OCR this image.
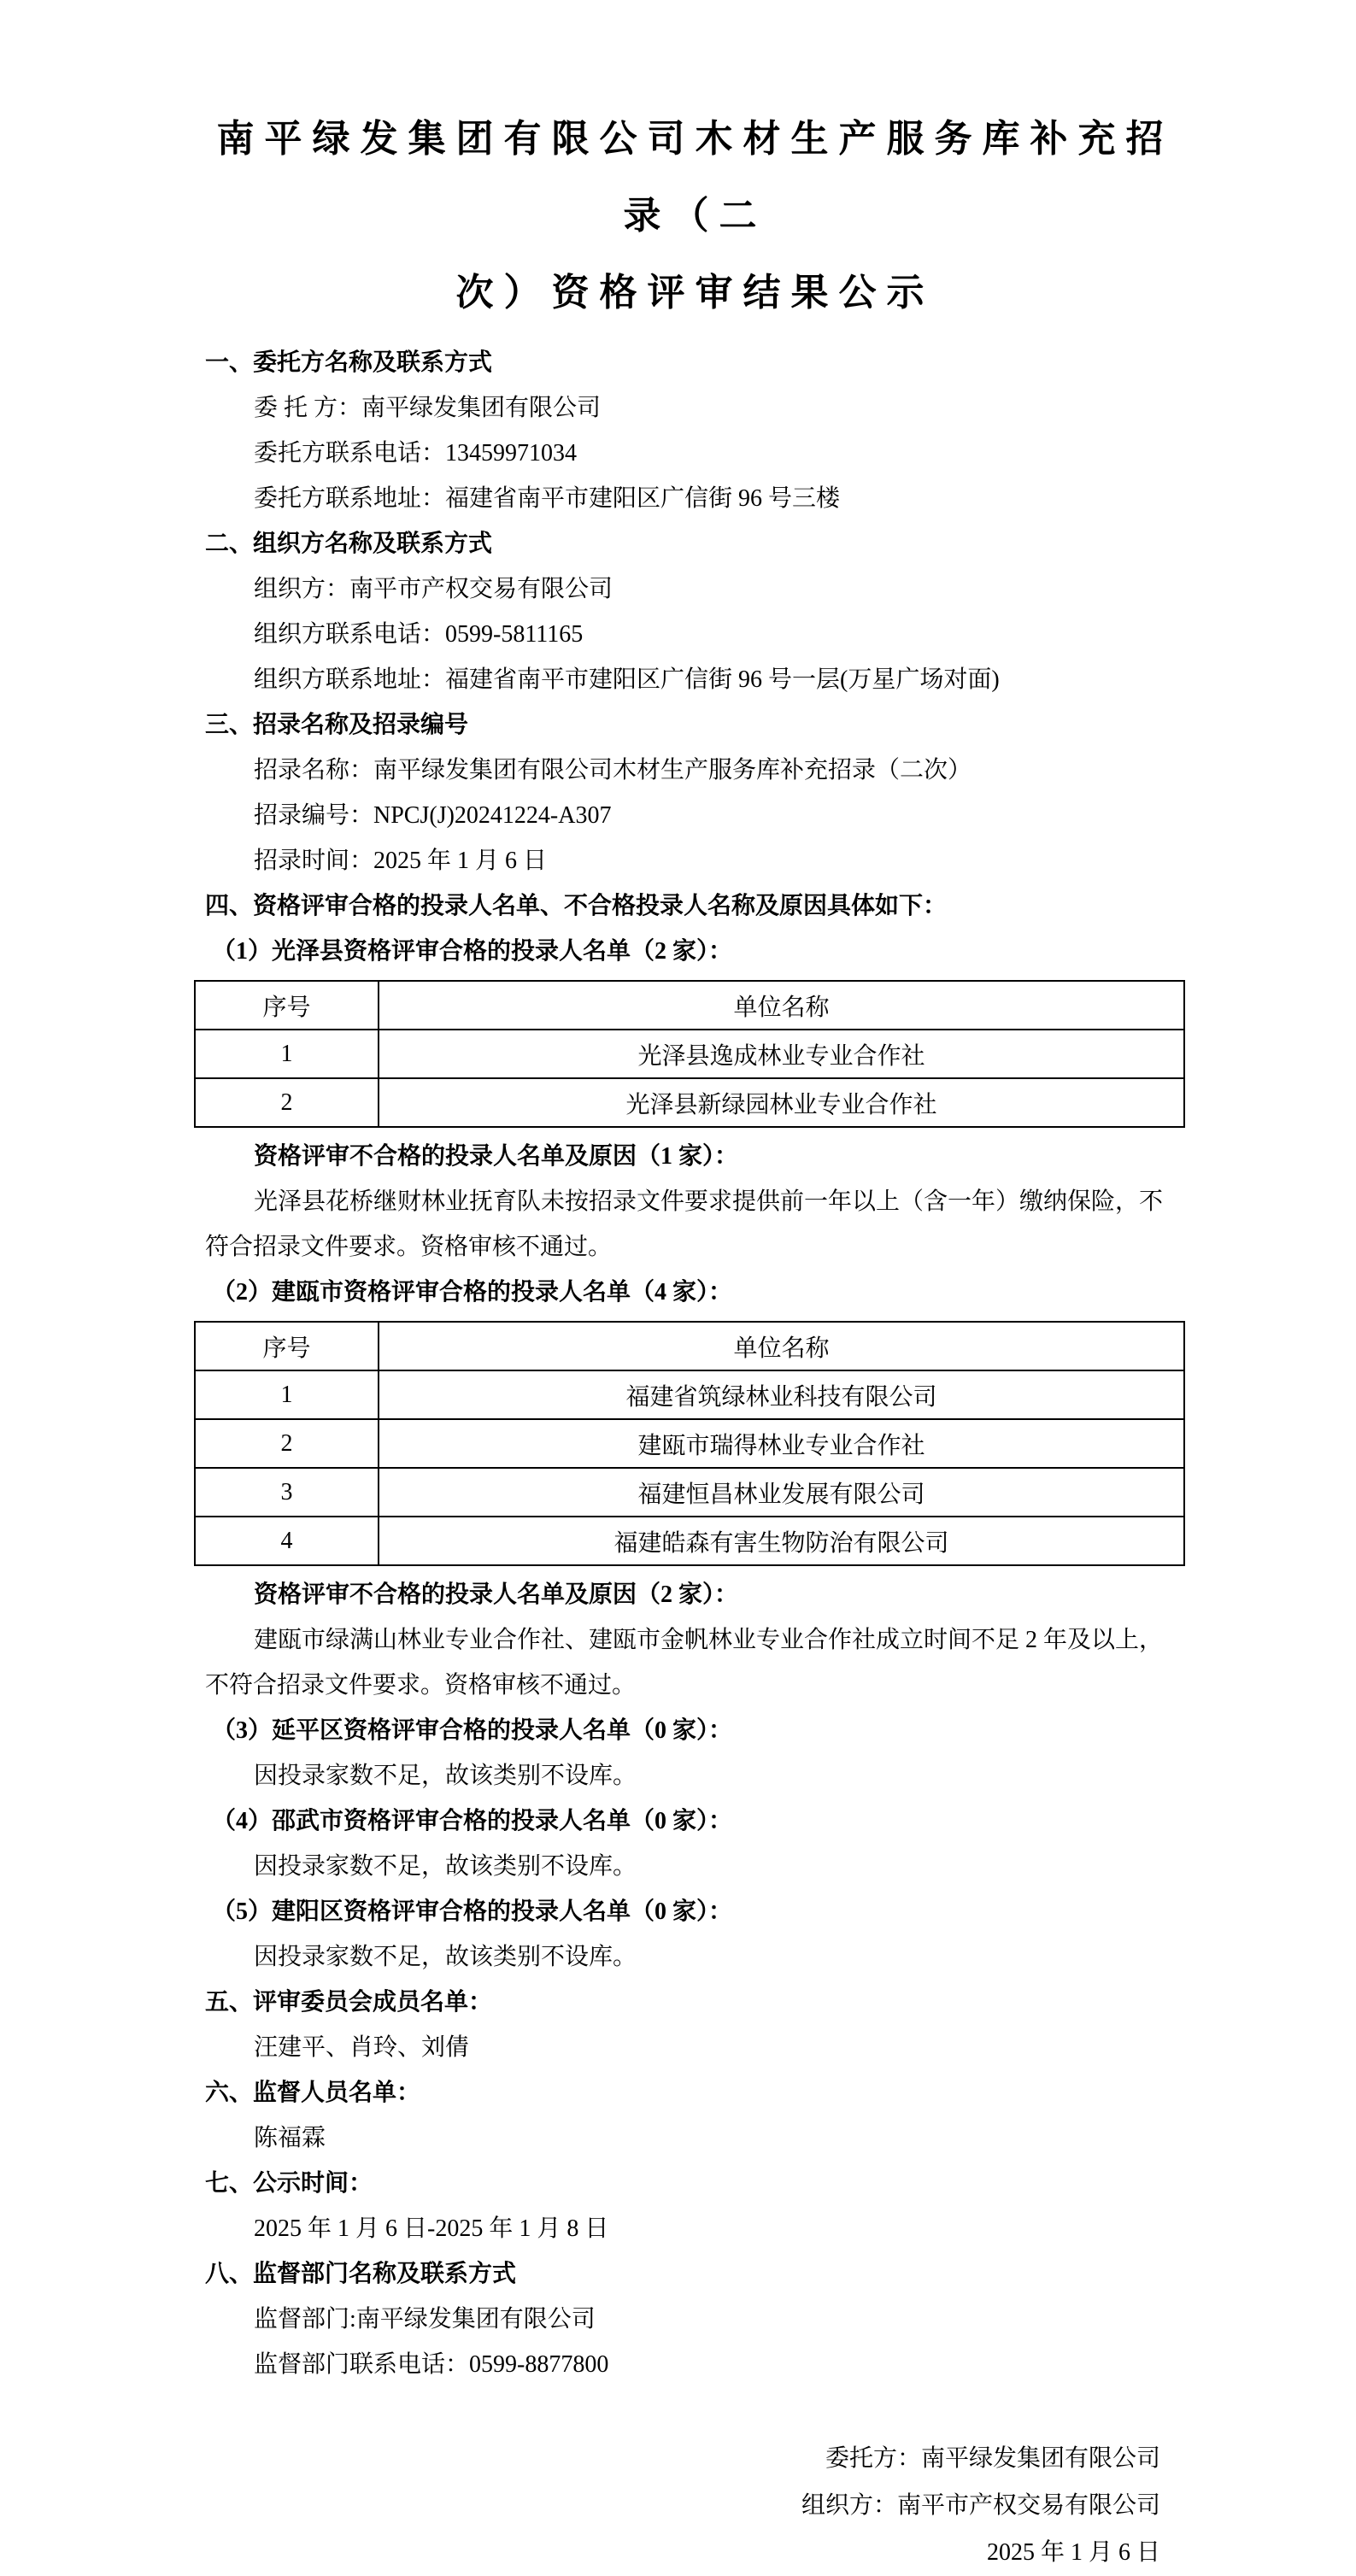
南平绿发集团有限公司木材生产服务库补充招录（二
次）资格评审结果公示

一、委托方名称及联系方式

委 托 方：南平绿发集团有限公司

委托方联系电话：13459971034

委托方联系地址：福建省南平市建阳区广信街 96 号三楼

二、组织方名称及联系方式

组织方：南平市产权交易有限公司

组织方联系电话：0599-5811165

组织方联系地址：福建省南平市建阳区广信街 96 号一层(万星广场对面)

三、招录名称及招录编号

招录名称：南平绿发集团有限公司木材生产服务库补充招录（二次）

招录编号：NPCJ(J)20241224-A307

招录时间：2025 年 1 月 6 日

四、资格评审合格的投录人名单、不合格投录人名称及原因具体如下：

（1）光泽县资格评审合格的投录人名单（2 家）：

序号	单位名称
1	光泽县逸成林业专业合作社
2	光泽县新绿园林业专业合作社

资格评审不合格的投录人名单及原因（1 家）：

光泽县花桥继财林业抚育队未按招录文件要求提供前一年以上（含一年）缴纳保险，不

符合招录文件要求。资格审核不通过。

（2）建瓯市资格评审合格的投录人名单（4 家）：

序号	单位名称
1	福建省筑绿林业科技有限公司
2	建瓯市瑞得林业专业合作社
3	福建恒昌林业发展有限公司
4	福建皓森有害生物防治有限公司

资格评审不合格的投录人名单及原因（2 家）：

建瓯市绿满山林业专业合作社、建瓯市金帆林业专业合作社成立时间不足 2 年及以上，

不符合招录文件要求。资格审核不通过。

（3）延平区资格评审合格的投录人名单（0 家）：

因投录家数不足，故该类别不设库。

（4）邵武市资格评审合格的投录人名单（0 家）：

因投录家数不足，故该类别不设库。

（5）建阳区资格评审合格的投录人名单（0 家）：

因投录家数不足，故该类别不设库。

五、评审委员会成员名单：

汪建平、肖玲、刘倩

六、监督人员名单：

陈福霖

七、公示时间：

2025 年 1 月 6 日-2025 年 1 月 8 日

八、监督部门名称及联系方式

监督部门:南平绿发集团有限公司

监督部门联系电话：0599-8877800

委托方：南平绿发集团有限公司

组织方：南平市产权交易有限公司

2025 年 1 月 6 日
